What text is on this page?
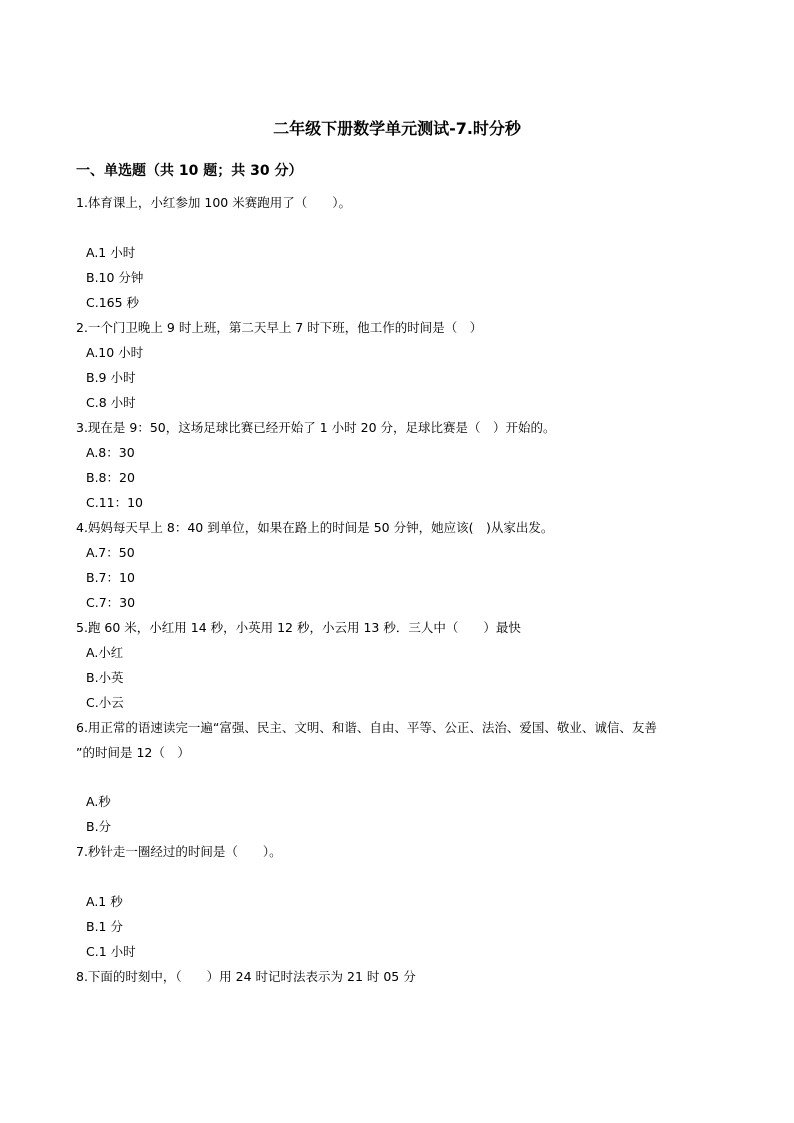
二年级下册数学单元测试-7.时分秒
一、单选题（共 10 题；共 30 分）
1.体育课上，小红参加 100 米赛跑用了（　　）。
A.1 小时
B.10 分钟
C.165 秒
2.一个门卫晚上 9 时上班，第二天早上 7 时下班，他工作的时间是（　）
A.10 小时
B.9 小时
C.8 小时
3.现在是 9：50，这场足球比赛已经开始了 1 小时 20 分，足球比赛是（　）开始的。
A.8：30
B.8：20
C.11：10
4.妈妈每天早上 8：40 到单位，如果在路上的时间是 50 分钟，她应该(　)从家出发。
A.7：50
B.7：10
C.7：30
5.跑 60 米，小红用 14 秒，小英用 12 秒，小云用 13 秒．三人中（　　）最快
A.小红
B.小英
C.小云
6.用正常的语速读完一遍“富强、民主、文明、和谐、自由、平等、公正、法治、爱国、敬业、诚信、友善
”的时间是 12（　）
A.秒
B.分
7.秒针走一圈经过的时间是（　　）。
A.1 秒
B.1 分
C.1 小时
8.下面的时刻中，（　　）用 24 时记时法表示为 21 时 05 分
